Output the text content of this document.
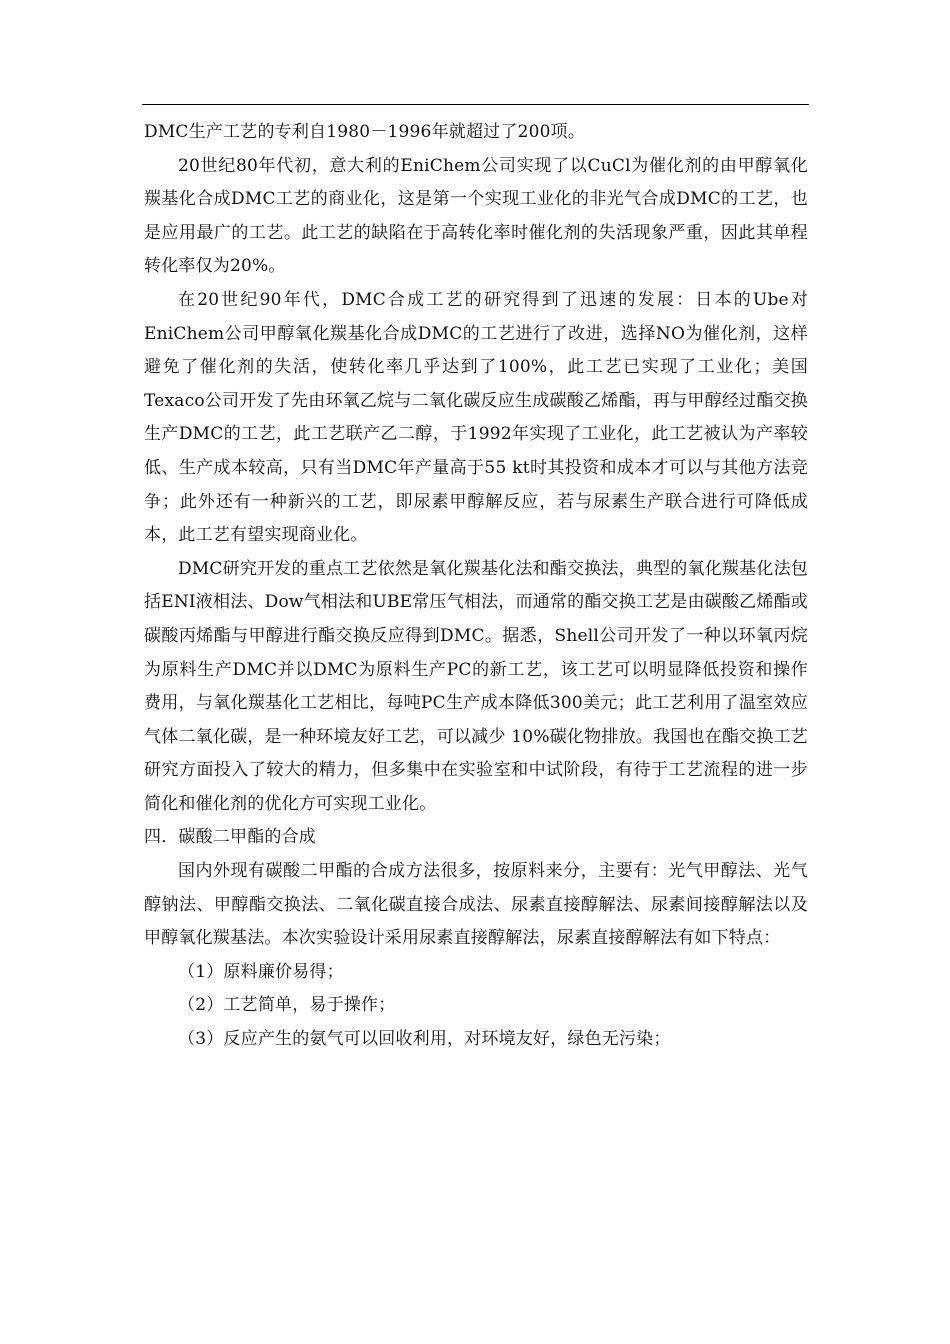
DMC生产工艺的专利自1980－1996年就超过了200项。

20世纪80年代初，意大利的EniChem公司实现了以CuCl为催化剂的由甲醇氧化羰基化合成DMC工艺的商业化，这是第一个实现工业化的非光气合成DMC的工艺，也是应用最广的工艺。此工艺的缺陷在于高转化率时催化剂的失活现象严重，因此其单程转化率仅为20%。

在20世纪90年代，DMC合成工艺的研究得到了迅速的发展：日本的Ube对EniChem公司甲醇氧化羰基化合成DMC的工艺进行了改进，选择NO为催化剂，这样避免了催化剂的失活，使转化率几乎达到了100%，此工艺已实现了工业化；美国Texaco公司开发了先由环氧乙烷与二氧化碳反应生成碳酸乙烯酯，再与甲醇经过酯交换生产DMC的工艺，此工艺联产乙二醇，于1992年实现了工业化，此工艺被认为产率较低、生产成本较高，只有当DMC年产量高于55 kt时其投资和成本才可以与其他方法竞争；此外还有一种新兴的工艺，即尿素甲醇解反应，若与尿素生产联合进行可降低成本，此工艺有望实现商业化。

DMC研究开发的重点工艺依然是氧化羰基化法和酯交换法，典型的氧化羰基化法包括ENI液相法、Dow气相法和UBE常压气相法，而通常的酯交换工艺是由碳酸乙烯酯或碳酸丙烯酯与甲醇进行酯交换反应得到DMC。据悉，Shell公司开发了一种以环氧丙烷为原料生产DMC并以DMC为原料生产PC的新工艺，该工艺可以明显降低投资和操作费用，与氧化羰基化工艺相比，每吨PC生产成本降低300美元；此工艺利用了温室效应气体二氧化碳，是一种环境友好工艺，可以减少 10%碳化物排放。我国也在酯交换工艺研究方面投入了较大的精力，但多集中在实验室和中试阶段，有待于工艺流程的进一步简化和催化剂的优化方可实现工业化。

四．碳酸二甲酯的合成

国内外现有碳酸二甲酯的合成方法很多，按原料来分，主要有：光气甲醇法、光气醇钠法、甲醇酯交换法、二氧化碳直接合成法、尿素直接醇解法、尿素间接醇解法以及甲醇氧化羰基法。本次实验设计采用尿素直接醇解法，尿素直接醇解法有如下特点：

（1）原料廉价易得；

（2）工艺简单，易于操作；

（3）反应产生的氨气可以回收利用，对环境友好，绿色无污染；
